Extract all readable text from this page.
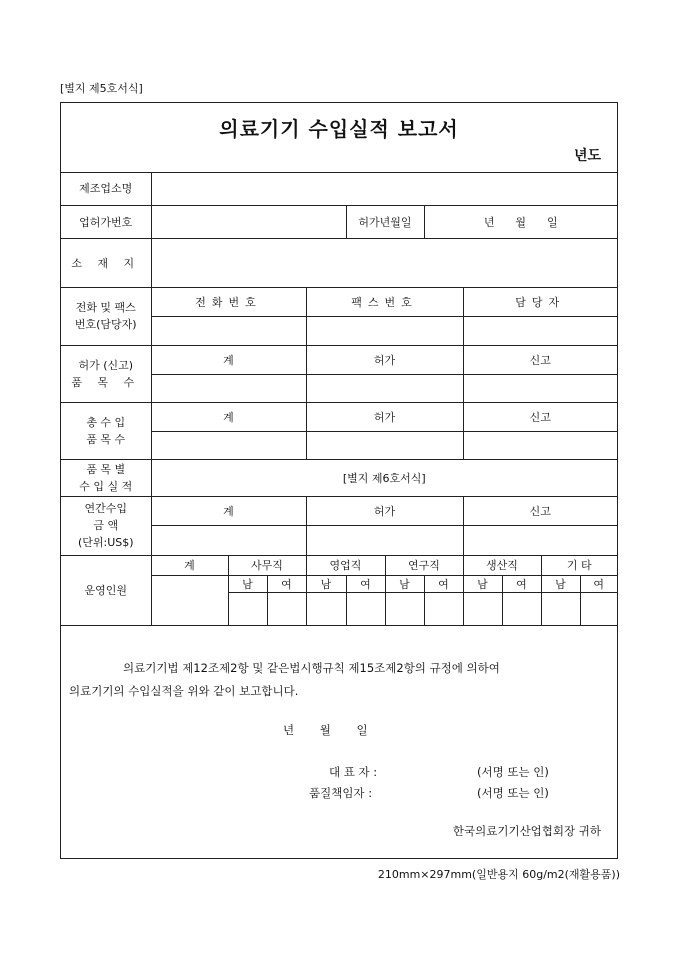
[별지 제5호서식]
의료기기 수입실적 보고서
년도
제조업소명											
업허가번호					허가년월일		년      월      일				
소 재 지											

전화 및 팩스
번호(담당자)	전화번호			팩스번호				담당자			

허가 (신고)
품 목 수	계			허가				신고			

총 수 입
품 목 수	계			허가				신고			

품 목 별
수 입 실 적	[별지 제6호서식]										

연간수입
금 액
(단위:US$)	계			허가				신고			

운영인원	계	사무직		영업직		연구직		생산직		기 타	
		남	여	남	여	남	여	남	여	남	여

의료기기법 제12조제2항 및 같은법시행규칙 제15조제2항의 규정에 의하여
의료기기의 수입실적을 위와 같이 보고합니다.
년 월 일
대 표 자 :	(서명 또는 인)
품질책임자 :	(서명 또는 인)
한국의료기기산업협회장 귀하
210mm×297mm(일반용지 60g/m2(재활용품))
